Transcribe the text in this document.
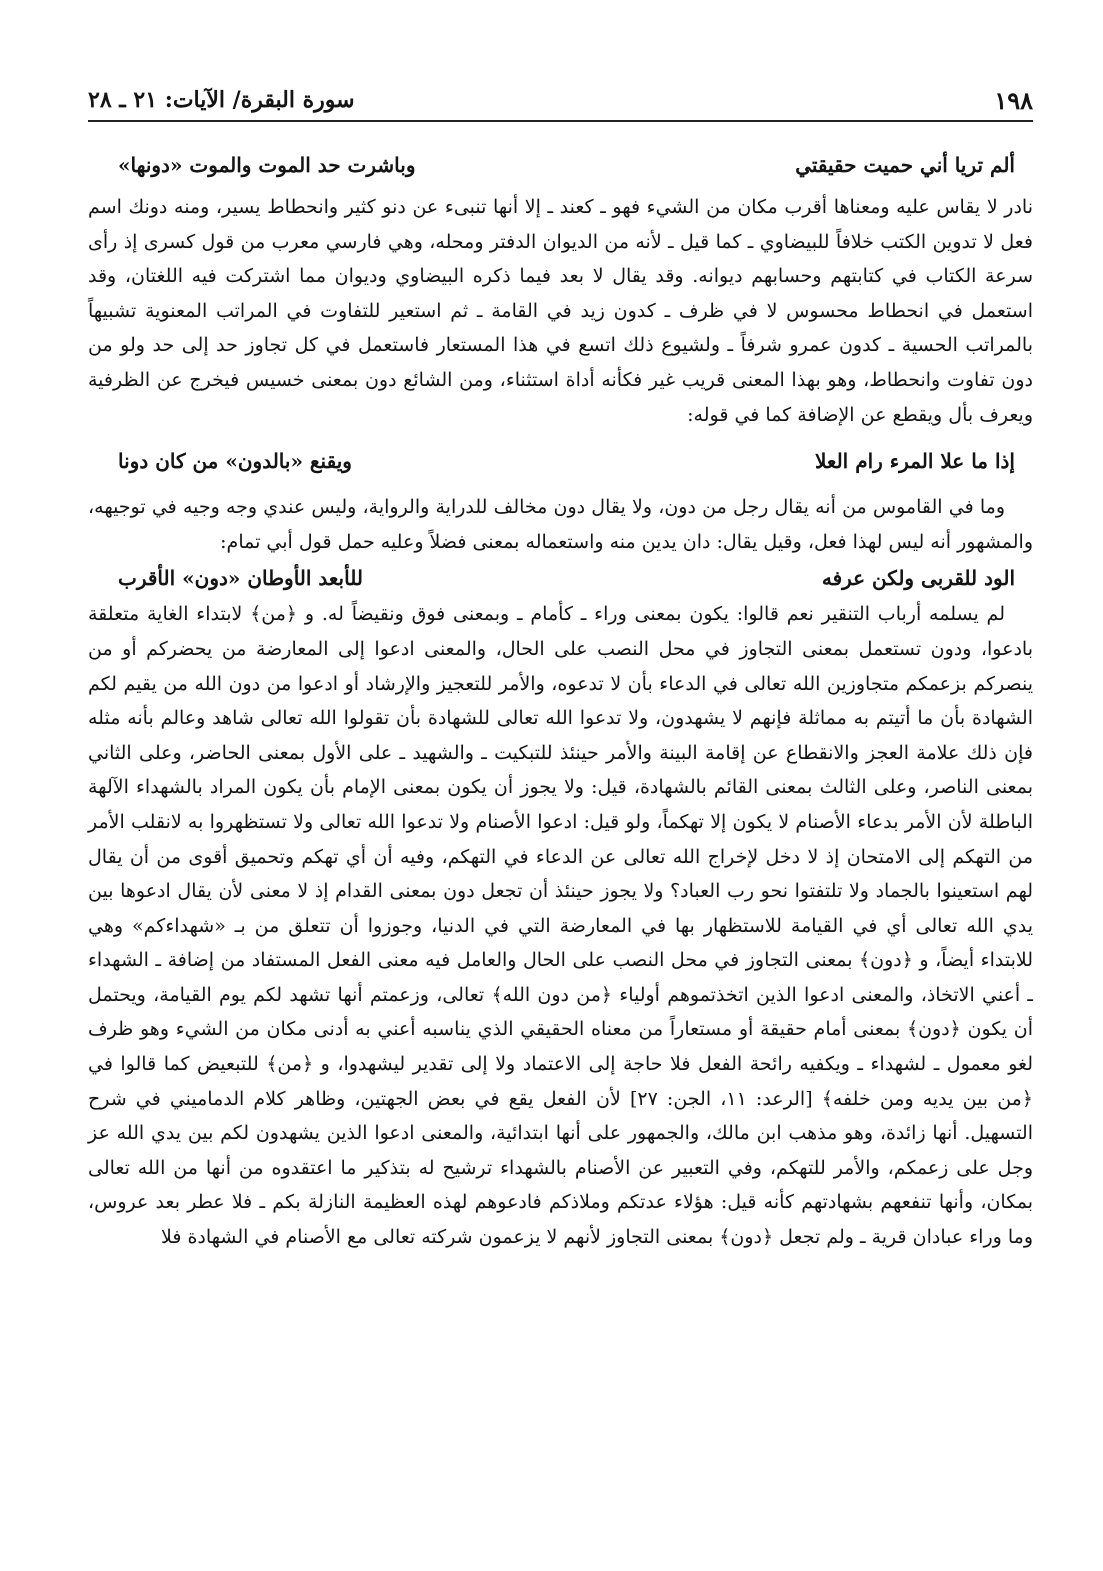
١٩٨
سورة البقرة/ الآيات: ٢١ ـ ٢٨
ألم تريا أني حميت حقيقتي
وباشرت حد الموت والموت «دونها»

نادر لا يقاس عليه ومعناها أقرب مكان من الشيء فهو ـ كعند ـ إلا أنها تنبىء عن دنو كثير وانحطاط يسير، ومنه دونك اسم فعل لا تدوين الكتب خلافاً للبيضاوي ـ كما قيل ـ لأنه من الديوان الدفتر ومحله، وهي فارسي معرب من قول كسرى إذ رأى سرعة الكتاب في كتابتهم وحسابهم ديوانه. وقد يقال لا بعد فيما ذكره البيضاوي وديوان مما اشتركت فيه اللغتان، وقد استعمل في انحطاط محسوس لا في ظرف ـ كدون زيد في القامة ـ ثم استعير للتفاوت في المراتب المعنوية تشبيهاً بالمراتب الحسية ـ كدون عمرو شرفاً ـ ولشيوع ذلك اتسع في هذا المستعار فاستعمل في كل تجاوز حد إلى حد ولو من دون تفاوت وانحطاط، وهو بهذا المعنى قريب غير فكأنه أداة استثناء، ومن الشائع دون بمعنى خسيس فيخرج عن الظرفية ويعرف بأل ويقطع عن الإضافة كما في قوله:

إذا ما علا المرء رام العلا
ويقنع «بالدون» من كان دونا

وما في القاموس من أنه يقال رجل من دون، ولا يقال دون مخالف للدراية والرواية، وليس عندي وجه وجيه في توجيهه، والمشهور أنه ليس لهذا فعل، وقيل يقال: دان يدين منه واستعماله بمعنى فضلاً وعليه حمل قول أبي تمام:

الود للقربى ولكن عرفه
للأبعد الأوطان «دون» الأقرب

لم يسلمه أرباب التنقير نعم قالوا: يكون بمعنى وراء ـ كأمام ـ وبمعنى فوق ونقيضاً له. و ﴿من﴾ لابتداء الغاية متعلقة بادعوا، ودون تستعمل بمعنى التجاوز في محل النصب على الحال، والمعنى ادعوا إلى المعارضة من يحضركم أو من ينصركم بزعمكم متجاوزين الله تعالى في الدعاء بأن لا تدعوه، والأمر للتعجيز والإرشاد أو ادعوا من دون الله من يقيم لكم الشهادة بأن ما أتيتم به مماثلة فإنهم لا يشهدون، ولا تدعوا الله تعالى للشهادة بأن تقولوا الله تعالى شاهد وعالم بأنه مثله فإن ذلك علامة العجز والانقطاع عن إقامة البينة والأمر حينئذ للتبكيت ـ والشهيد ـ على الأول بمعنى الحاضر، وعلى الثاني بمعنى الناصر، وعلى الثالث بمعنى القائم بالشهادة، قيل: ولا يجوز أن يكون بمعنى الإمام بأن يكون المراد بالشهداء الآلهة الباطلة لأن الأمر بدعاء الأصنام لا يكون إلا تهكماً، ولو قيل: ادعوا الأصنام ولا تدعوا الله تعالى ولا تستظهروا به لانقلب الأمر من التهكم إلى الامتحان إذ لا دخل لإخراج الله تعالى عن الدعاء في التهكم، وفيه أن أي تهكم وتحميق أقوى من أن يقال لهم استعينوا بالجماد ولا تلتفتوا نحو رب العباد؟ ولا يجوز حينئذ أن تجعل دون بمعنى القدام إذ لا معنى لأن يقال ادعوها بين يدي الله تعالى أي في القيامة للاستظهار بها في المعارضة التي في الدنيا، وجوزوا أن تتعلق من بـ «شهداءكم» وهي للابتداء أيضاً، و ﴿دون﴾ بمعنى التجاوز في محل النصب على الحال والعامل فيه معنى الفعل المستفاد من إضافة ـ الشهداء ـ أعني الاتخاذ، والمعنى ادعوا الذين اتخذتموهم أولياء ﴿من دون الله﴾ تعالى، وزعمتم أنها تشهد لكم يوم القيامة، ويحتمل أن يكون ﴿دون﴾ بمعنى أمام حقيقة أو مستعاراً من معناه الحقيقي الذي يناسبه أعني به أدنى مكان من الشيء وهو ظرف لغو معمول ـ لشهداء ـ ويكفيه رائحة الفعل فلا حاجة إلى الاعتماد ولا إلى تقدير ليشهدوا، و ﴿من﴾ للتبعيض كما قالوا في ﴿من بين يديه ومن خلفه﴾ [الرعد: ١١، الجن: ٢٧] لأن الفعل يقع في بعض الجهتين، وظاهر كلام الدماميني في شرح التسهيل. أنها زائدة، وهو مذهب ابن مالك، والجمهور على أنها ابتدائية، والمعنى ادعوا الذين يشهدون لكم بين يدي الله عز وجل على زعمكم، والأمر للتهكم، وفي التعبير عن الأصنام بالشهداء ترشيح له بتذكير ما اعتقدوه من أنها من الله تعالى بمكان، وأنها تنفعهم بشهادتهم كأنه قيل: هؤلاء عدتكم وملاذكم فادعوهم لهذه العظيمة النازلة بكم ـ فلا عطر بعد عروس، وما وراء عبادان قرية ـ ولم تجعل ﴿دون﴾ بمعنى التجاوز لأنهم لا يزعمون شركته تعالى مع الأصنام في الشهادة فلا
